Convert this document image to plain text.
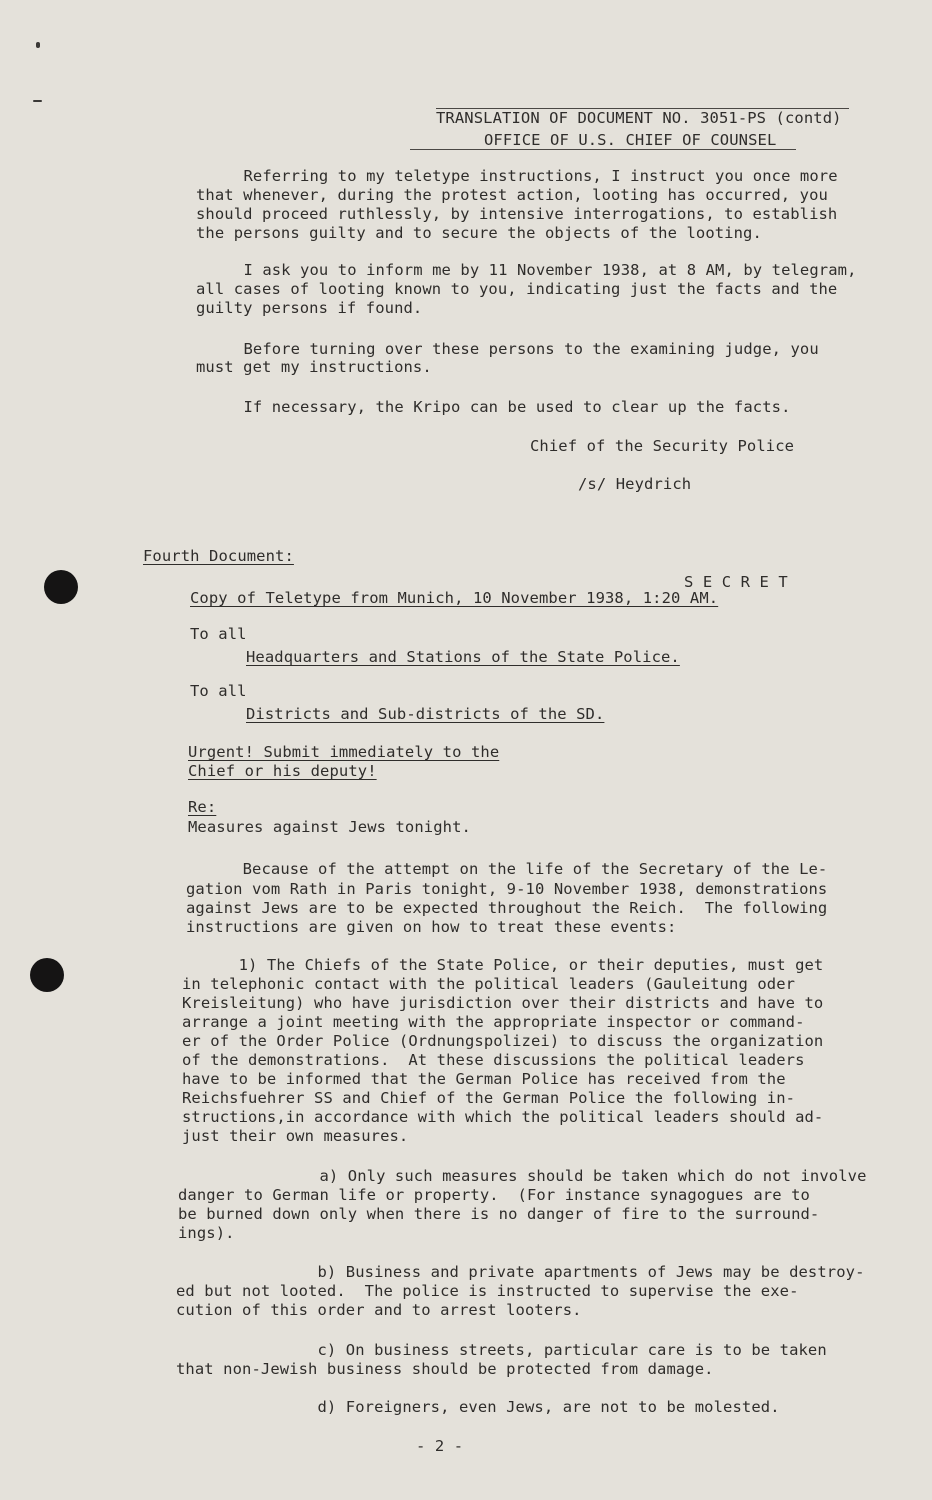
TRANSLATION OF DOCUMENT NO. 3051-PS (contd)
OFFICE OF U.S. CHIEF OF COUNSEL
Referring to my teletype instructions, I instruct you once more
that whenever, during the protest action, looting has occurred, you
should proceed ruthlessly, by intensive interrogations, to establish
the persons guilty and to secure the objects of the looting.
I ask you to inform me by 11 November 1938, at 8 AM, by telegram,
all cases of looting known to you, indicating just the facts and the
guilty persons if found.
Before turning over these persons to the examining judge, you
must get my instructions.
If necessary, the Kripo can be used to clear up the facts.
Chief of the Security Police
/s/ Heydrich
Fourth Document:
S E C R E T
Copy of Teletype from Munich, 10 November 1938, 1:20 AM.
To all
Headquarters and Stations of the State Police.
To all
Districts and Sub-districts of the SD.
Urgent! Submit immediately to the
Chief or his deputy!
Re:
Measures against Jews tonight.
Because of the attempt on the life of the Secretary of the Le-
gation vom Rath in Paris tonight, 9-10 November 1938, demonstrations
against Jews are to be expected throughout the Reich.  The following
instructions are given on how to treat these events:
1) The Chiefs of the State Police, or their deputies, must get
in telephonic contact with the political leaders (Gauleitung oder
Kreisleitung) who have jurisdiction over their districts and have to
arrange a joint meeting with the appropriate inspector or command-
er of the Order Police (Ordnungspolizei) to discuss the organization
of the demonstrations.  At these discussions the political leaders
have to be informed that the German Police has received from the
Reichsfuehrer SS and Chief of the German Police the following in-
structions,in accordance with which the political leaders should ad-
just their own measures.
a) Only such measures should be taken which do not involve
danger to German life or property.  (For instance synagogues are to
be burned down only when there is no danger of fire to the surround-
ings).
b) Business and private apartments of Jews may be destroy-
ed but not looted.  The police is instructed to supervise the exe-
cution of this order and to arrest looters.
c) On business streets, particular care is to be taken
that non-Jewish business should be protected from damage.
d) Foreigners, even Jews, are not to be molested.
- 2 -
